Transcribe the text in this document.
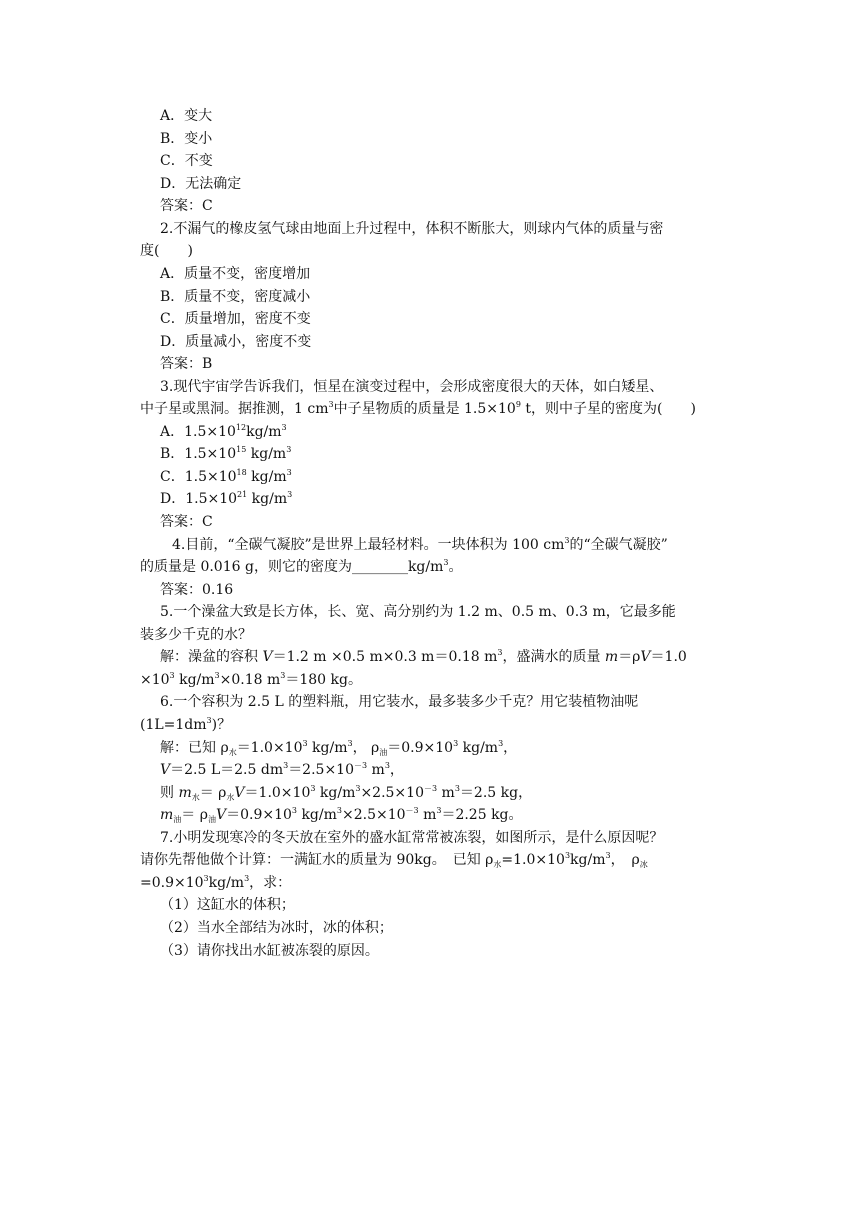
A．变大
B．变小
C．不变
D．无法确定
答案：C
2.不漏气的橡皮氢气球由地面上升过程中，体积不断胀大，则球内气体的质量与密
度(　　)
A．质量不变，密度增加
B．质量不变，密度减小
C．质量增加，密度不变
D．质量减小，密度不变
答案：B
3.现代宇宙学告诉我们，恒星在演变过程中，会形成密度很大的天体，如白矮星、
中子星或黑洞。据推测，1 $cm^3$中子星物质的质量是 $1.5\times 10^9$ t，则中子星的密度为(　　)
A．$1.5\times 10^{12}kg/m^3$
B．$1.5\times 10^{15}$ $kg/m^3$
C．$1.5\times 10^{18}$ $kg/m^3$
D．$1.5\times 10^{21}$ $kg/m^3$
答案：C
4.目前，“全碳气凝胶”是世界上最轻材料。一块体积为 100 $cm^3$的“全碳气凝胶”
的质量是 0.016 g，则它的密度为$\_\_\_\_\_\_\_\_kg/m^3$。
答案：0.16
5.一个澡盆大致是长方体，长、宽、高分别约为 1.2 m、0.5 m、0.3 m，它最多能
装多少千克的水？
解：澡盆的容积 V＝1.2 m ×0.5 m×0.3 m＝0.18 $m^3$，盛满水的质量 m＝ρV＝1.0
$\times 10^3$ $kg/m^3\times 0.18$ $m^3=180$ kg。
6.一个容积为 2.5 L 的塑料瓶，用它装水，最多装多少千克？用它装植物油呢
$(1L=1dm^3)$？
解：已知 $\rho_水=1.0\times 10^3$ $kg/m^3$， $\rho_油=0.9\times 10^3$ $kg/m^3$，
V＝2.5 L＝2.5 $dm^3=2.5\times 10^{-3}$ $m^3$，
则 $m_水= \rho_水V=1.0\times 10^3$ $kg/m^3\times 2.5\times 10^{-3}$ $m^3=2.5$ kg，
$m_油= \rho_油V=0.9\times 10^3$ $kg/m^3\times 2.5\times 10^{-3}$ $m^3=2.25$ kg。
7.小明发现寒冷的冬天放在室外的盛水缸常常被冻裂，如图所示，是什么原因呢？
请你先帮他做个计算：一满缸水的质量为 90kg。　已知 $\rho_水=1.0\times 10^3kg/m^3$，　$\rho_冰$
$=0.9\times 10^3kg/m^3$，求：
（1）这缸水的体积；
（2）当水全部结为冰时，冰的体积；
（3）请你找出水缸被冻裂的原因。
